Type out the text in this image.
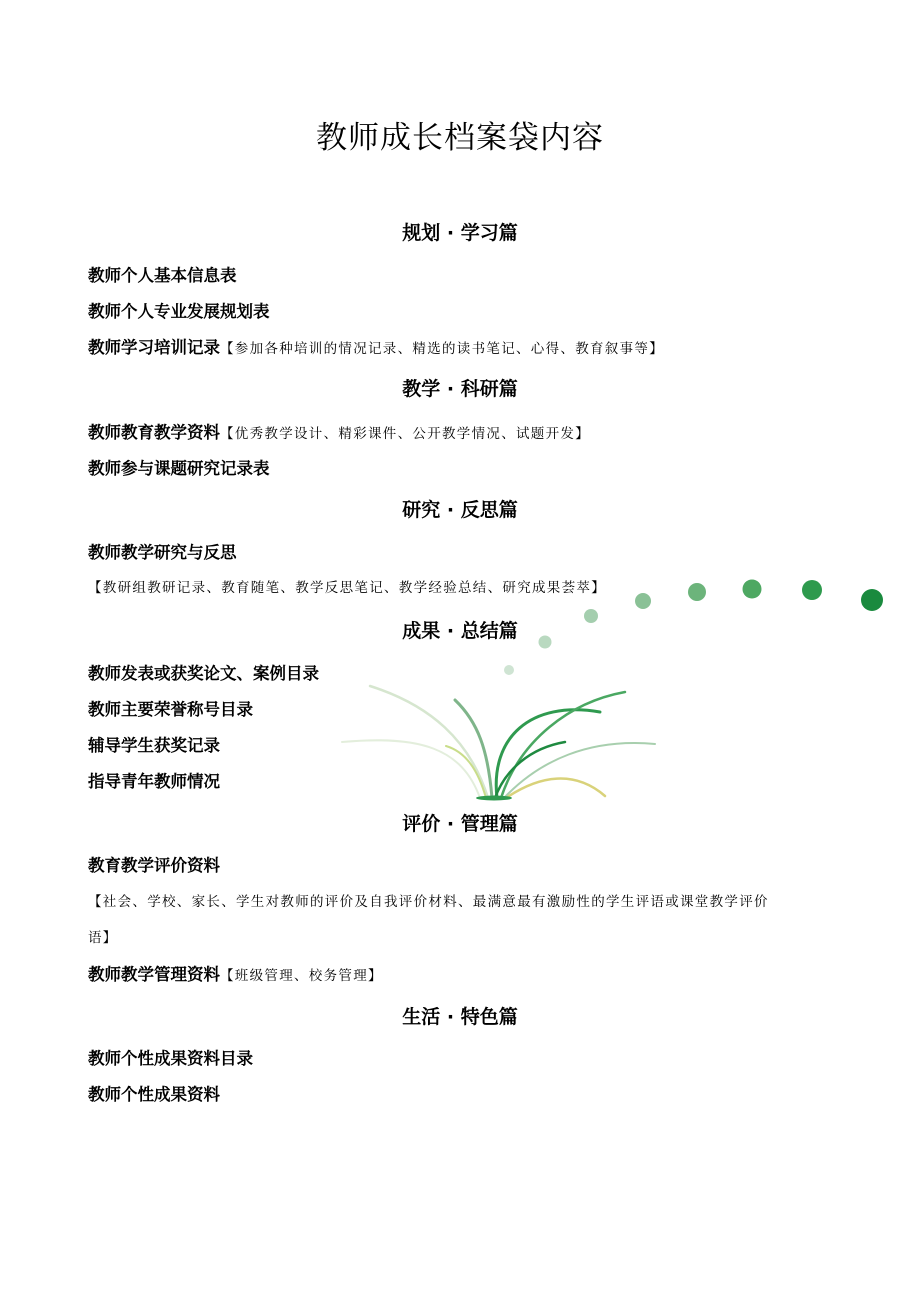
教师成长档案袋内容
规划 · 学习篇

教师个人基本信息表

教师个人专业发展规划表

教师学习培训记录【参加各种培训的情况记录、精选的读书笔记、心得、教育叙事等】

教学 · 科研篇

教师教育教学资料【优秀教学设计、精彩课件、公开教学情况、试题开发】

教师参与课题研究记录表

研究 · 反思篇

教师教学研究与反思

【教研组教研记录、教育随笔、教学反思笔记、教学经验总结、研究成果荟萃】

成果 · 总结篇

教师发表或获奖论文、案例目录

教师主要荣誉称号目录

辅导学生获奖记录

指导青年教师情况

评价 · 管理篇

教育教学评价资料

【社会、学校、家长、学生对教师的评价及自我评价材料、最满意最有激励性的学生评语或课堂教学评价

语】

教师教学管理资料【班级管理、校务管理】

生活 · 特色篇

教师个性成果资料目录

教师个性成果资料
